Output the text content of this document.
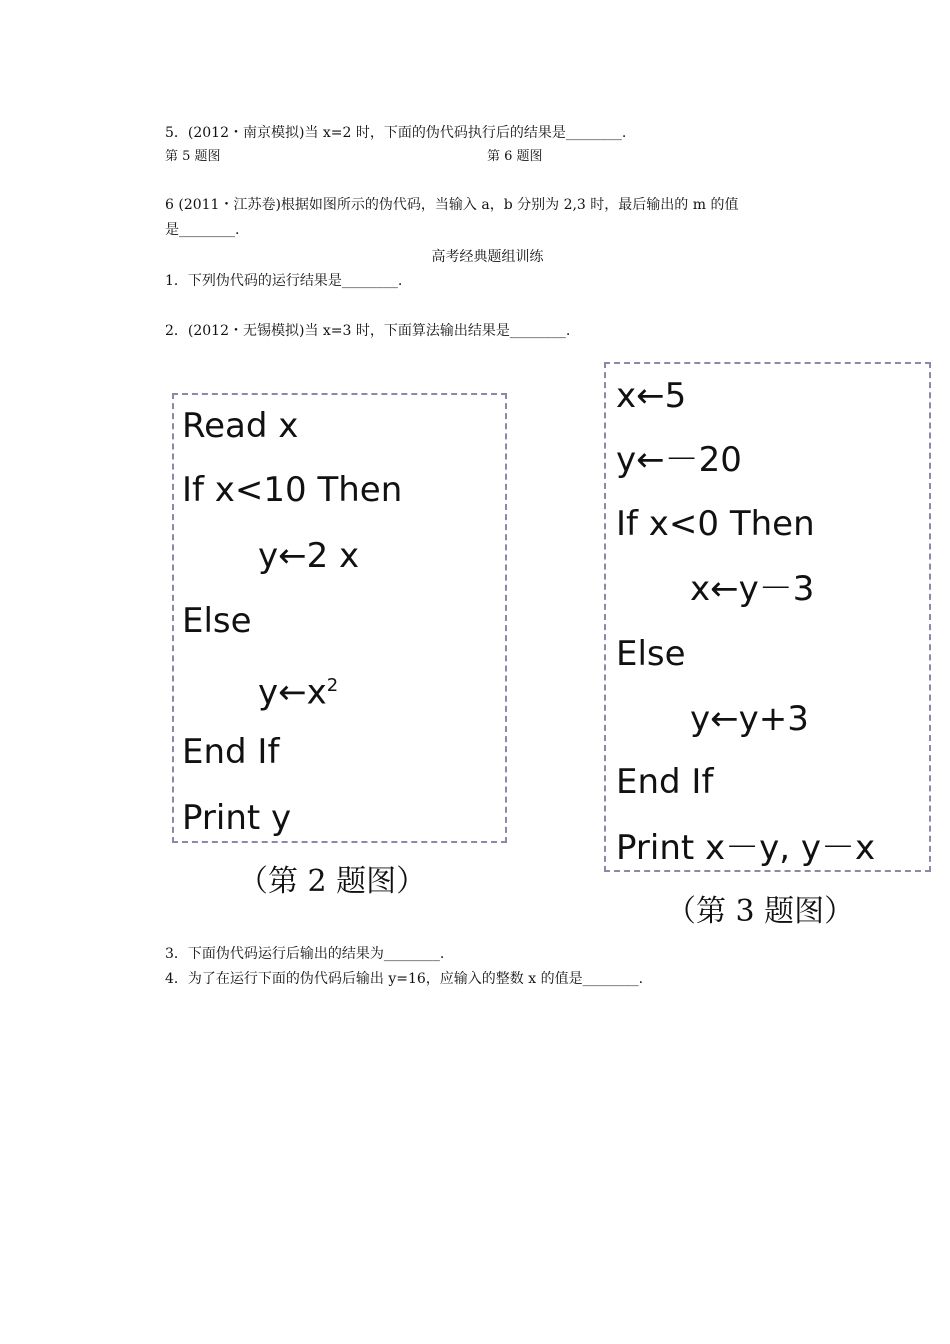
5．(2012・南京模拟)当 x=2 时，下面的伪代码执行后的结果是________.
第 5 题图	第 6 题图
6 (2011・江苏卷)根据如图所示的伪代码，当输入 a，b 分别为 2,3 时，最后输出的 m 的值
是________.
高考经典题组训练
1．下列伪代码的运行结果是________.
2．(2012・无锡模拟)当 x=3 时，下面算法输出结果是________.
Read x
If x<10 Then
y←2 x
Else
$y\leftarrow x^2$
End If
Print y
（第 2 题图）
x←5
y←－20
If x<0 Then
x←y－3
Else
y←y+3
End If
Print x－y, y－x
（第 3 题图）
3．下面伪代码运行后输出的结果为________.
4．为了在运行下面的伪代码后输出 y=16，应输入的整数 x 的值是________.
